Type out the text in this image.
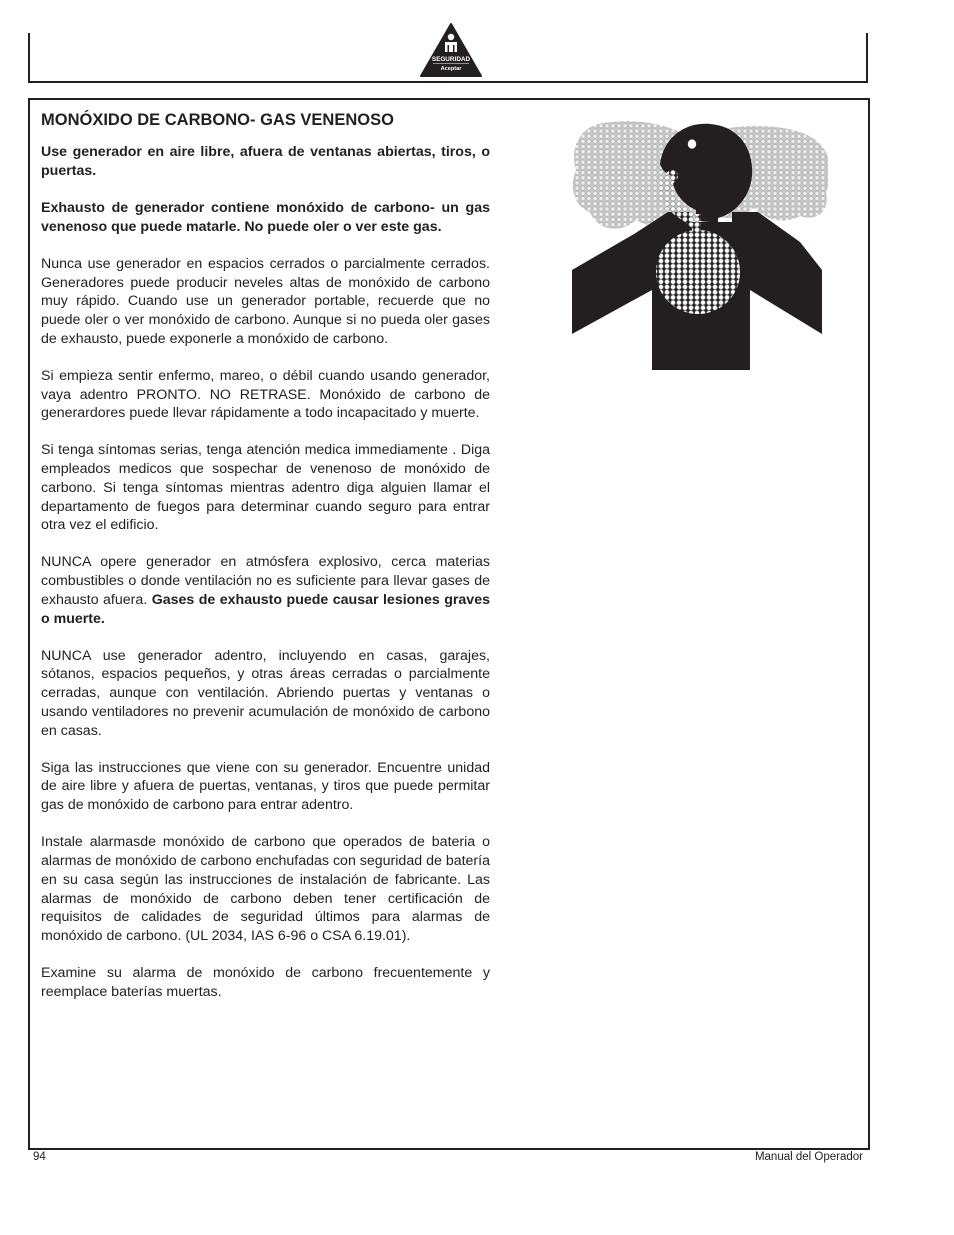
SEGURIDAD
Aceptar
MONÓXIDO DE CARBONO- GAS VENENOSO

Use generador en aire libre, afuera de ventanas abiertas, tiros, o puertas.

Exhausto de generador contiene monóxido de carbono- un gas venenoso que puede matarle. No puede oler o ver este gas.

Nunca use generador en espacios cerrados o parcialmente cerrados. Generadores puede producir neveles altas de monóxido de carbono muy rápido. Cuando use un generador portable, recuerde que no puede oler o ver monóxido de carbono. Aunque si no pueda oler gases de exhausto, puede exponerle a monóxido de carbono.

Si empieza sentir enfermo, mareo, o débil cuando usando generador, vaya adentro PRONTO. NO RETRASE. Monóxido de carbono de generardores puede llevar rápidamente a todo incapacitado y muerte.

Si tenga síntomas serias, tenga atención medica immediamente . Diga empleados medicos que sospechar de venenoso de monóxido de carbono. Si tenga síntomas mientras adentro diga alguien llamar el departamento de fuegos para determinar cuando seguro para entrar otra vez el edificio.

NUNCA opere generador en atmósfera explosivo, cerca materias combustibles o donde ventilación no es suficiente para llevar gases de exhausto afuera. Gases de exhausto puede causar lesiones graves o muerte.

NUNCA use generador adentro, incluyendo en casas, garajes, sótanos, espacios pequeños, y otras áreas cerradas o parcialmente cerradas, aunque con ventilación. Abriendo puertas y ventanas o usando ventiladores no prevenir acumulación de monóxido de carbono en casas.

Siga las instrucciones que viene con su generador. Encuentre unidad de aire libre y afuera de puertas, ventanas, y tiros que puede permitar gas de monóxido de carbono para entrar adentro.

Instale alarmasde monóxido de carbono que operados de bateria o alarmas de monóxido de carbono enchufadas con seguridad de batería en su casa según las instrucciones de instalación de fabricante. Las alarmas de monóxido de carbono deben tener certificación de requisitos de calidades de seguridad últimos para alarmas de monóxido de carbono. (UL 2034, IAS 6-96 o CSA 6.19.01).

Examine su alarma de monóxido de carbono frecuentemente y reemplace baterías muertas.

94	Manual del Operador
